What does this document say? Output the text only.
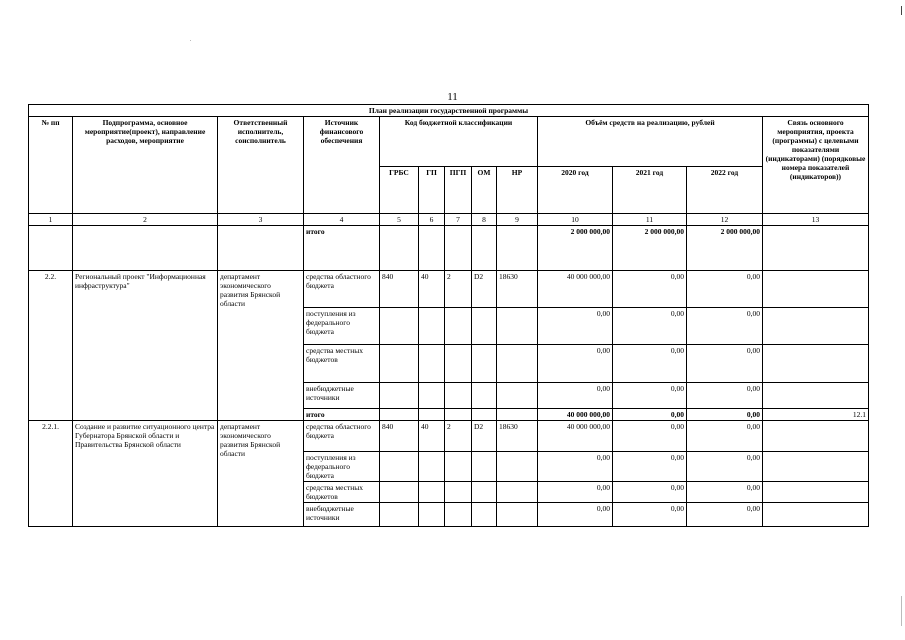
11
План реализации государственной программы												
№ пп	Подпрограмма, основное мероприятие(проект), направление расходов, мероприятие	Ответственный исполнитель, соисполнитель	Источник финансового обеспечения	Код бюджетной классификации					Объём средств на реализацию, рублей			Связь основного мероприятия, проекта (программы) с целевыми показателями (индикаторами) (порядковые номера показателей (индикаторов))
				ГРБС	ГП	ПГП	ОМ	НР	2020 год	2021 год	2022 год	
1	2	3	4	5	6	7	8	9	10	11	12	13
			итого						2 000 000,00	2 000 000,00	2 000 000,00	
2.2.	Региональный проект "Информационная инфраструктура"	департамент экономического развития Брянской области	средства областного бюджета	840	40	2	D2	18630	40 000 000,00	0,00	0,00	
			поступления из федерального бюджета						0,00	0,00	0,00	
			средства местных бюджетов						0,00	0,00	0,00	
			внебюджетные источники						0,00	0,00	0,00	
			итого						40 000 000,00	0,00	0,00	12.1
2.2.1.	Создание и развитие ситуационного центра Губернатора Брянской области и Правительства Брянской области	департамент экономического развития Брянской области	средства областного бюджета	840	40	2	D2	18630	40 000 000,00	0,00	0,00	
			поступления из федерального бюджета						0,00	0,00	0,00	
			средства местных бюджетов						0,00	0,00	0,00	
			внебюджетные источники						0,00	0,00	0,00	
